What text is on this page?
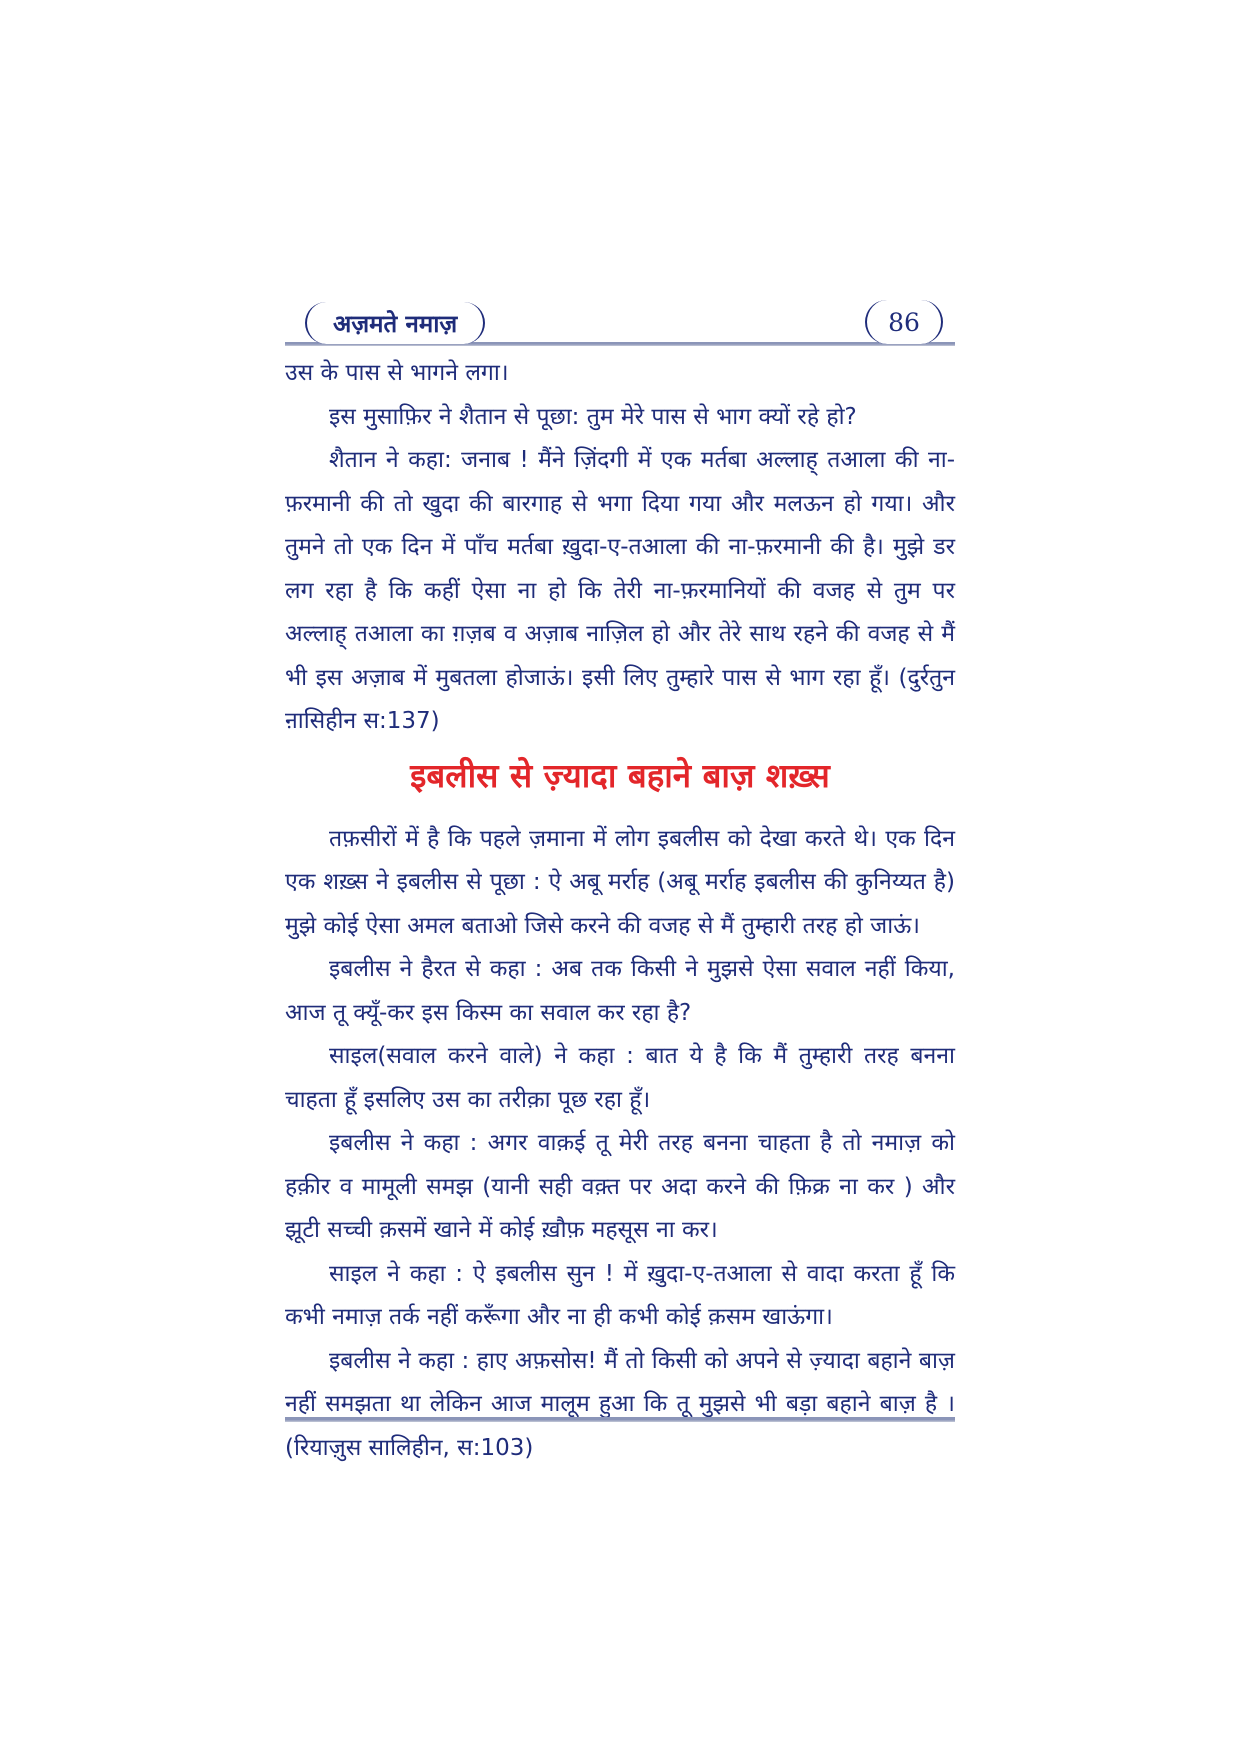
अज़मते नमाज़	86

उस के पास से भागने लगा।

इस मुसाफ़िर ने शैतान से पूछा: तुम मेरे पास से भाग क्यों रहे हो?

शैतान ने कहा: जनाब ! मैंने ज़िंदगी में एक मर्तबा अल्लाह् तआला की ना-फ़रमानी की तो खुदा की बारगाह से भगा दिया गया और मलऊन हो गया। और तुमने तो एक दिन में पाँच मर्तबा ख़ुदा-ए-तआला की ना-फ़रमानी की है। मुझे डर लग रहा है कि कहीं ऐसा ना हो कि तेरी ना-फ़रमानियों की वजह से तुम पर अल्लाह् तआला का ग़ज़ब व अज़ाब नाज़िल हो और तेरे साथ रहने की वजह से मैं भी इस अज़ाब में मुबतला होजाऊं। इसी लिए तुम्हारे पास से भाग रहा हूँ। (दुर्रतुन ऩासिहीन स:137)

इबलीस से ज़्यादा बहाने बाज़ शख़्स

तफ़सीरों में है कि पहले ज़माना में लोग इबलीस को देखा करते थे। एक दिन एक शख़्स ने इबलीस से पूछा : ऐ अबू मर्राह (अबू मर्राह इबलीस की कुनिय्यत है) मुझे कोई ऐसा अमल बताओ जिसे करने की वजह से मैं तुम्हारी तरह हो जाऊं।

इबलीस ने हैरत से कहा : अब तक किसी ने मुझसे ऐसा सवाल नहीं किया, आज तू क्यूँ-कर इस किस्म का सवाल कर रहा है?

साइल(सवाल करने वाले) ने कहा : बात ये है कि मैं तुम्हारी तरह बनना चाहता हूँ इसलिए उस का तरीक़ा पूछ रहा हूँ।

इबलीस ने कहा : अगर वाक़ई तू मेरी तरह बनना चाहता है तो नमाज़ को हक़ीर व मामूली समझ (यानी सही वक़्त पर अदा करने की फ़िक्र ना कर ) और झूटी सच्ची क़समें खाने में कोई ख़ौफ़ महसूस ना कर।

साइल ने कहा : ऐ इबलीस सुन ! में ख़ुदा-ए-तआला से वादा करता हूँ कि कभी नमाज़ तर्क नहीं करूँगा और ना ही कभी कोई क़सम खाऊंगा।

इबलीस ने कहा : हाए अफ़सोस! मैं तो किसी को अपने से ज़्यादा बहाने बाज़ नहीं समझता था लेकिन आज मालूम हुआ कि तू मुझसे भी बड़ा बहाने बाज़ है ।(रियाज़ुस सालिहीन, स:103)
